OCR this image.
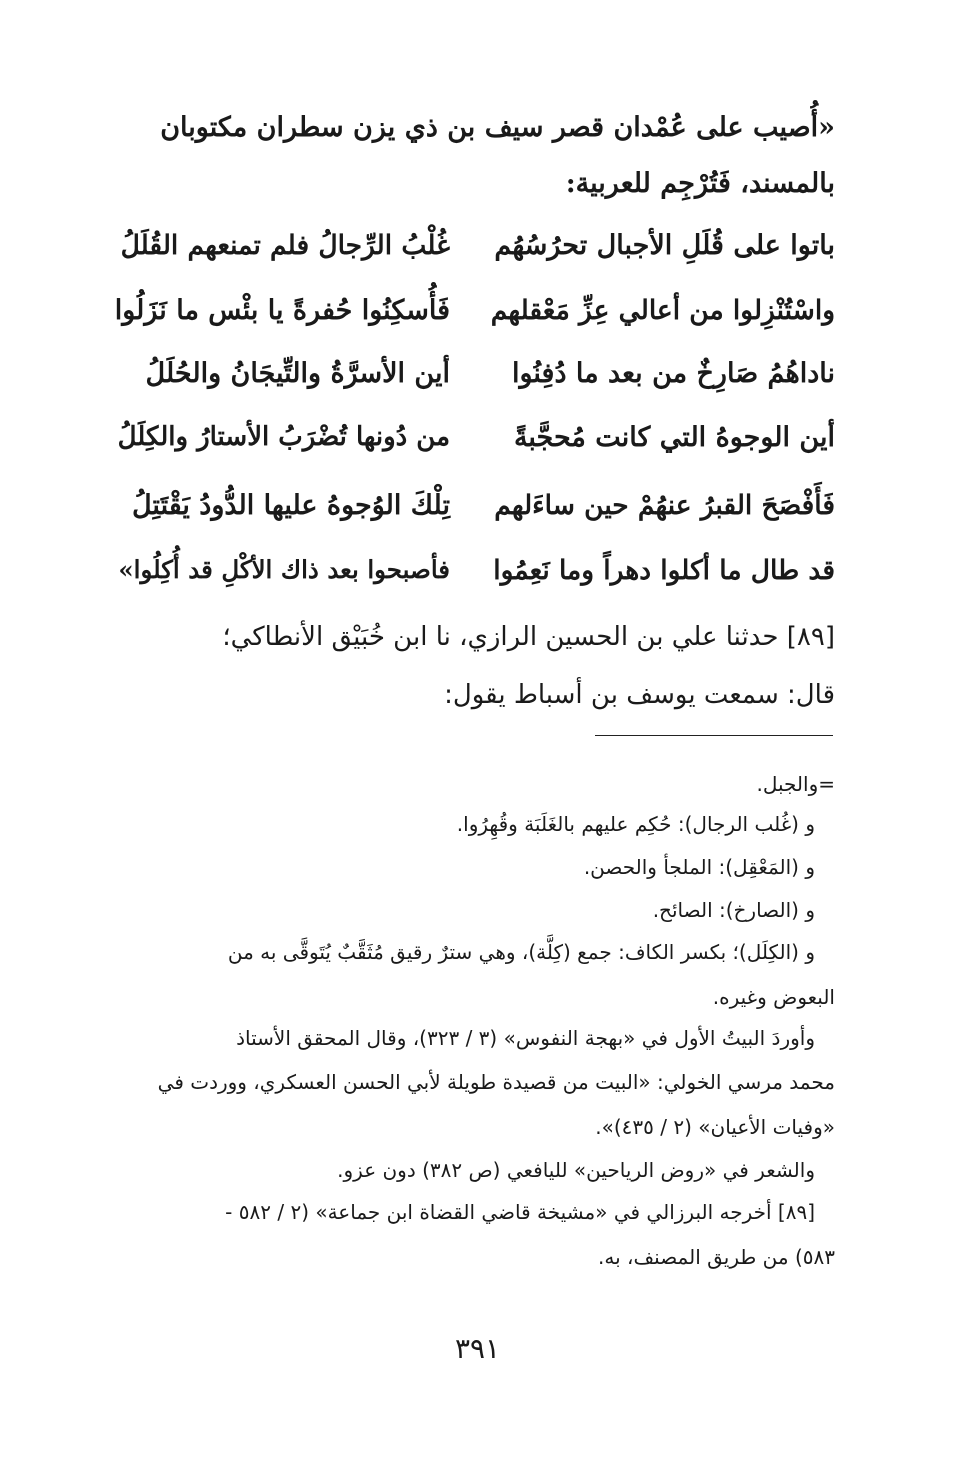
«أُصيب على عُمْدان قصر سيف بن ذي يزن سطران مكتوبان
بالمسند، فَتُرْجِم للعربية:
باتوا على قُلَلِ الأجبال تحرُسُهُم
غُلْبُ الرِّجالُ فلم تمنعهم القُلَلُ
واسْتُنْزِلوا من أعالي عِزِّ مَعْقلهم
فَأُسكِنُوا حُفرةً يا بئْس ما نَزَلُوا
ناداهُمُ صَارِخٌ من بعد ما دُفِنُوا
أين الأسرَّةُ والتِّيجَانُ والحُلَلُ
أين الوجوهُ التي كانت مُحجَّبةً
من دُونها تُضْرَبُ الأستارُ والكِلَلُ
فَأَفْصَحَ القبرُ عنهُمْ حين ساءَلهم
تِلْكَ الوُجوهُ عليها الدُّودُ يَقْتَتِلُ
قد طال ما أكلوا دهراً وما نَعِمُوا
فأصبحوا بعد ذاك الأكْلِ قد أُكِلُوا»
[٨٩] حدثنا علي بن الحسين الرازي، نا ابن خُبَيْق الأنطاكي؛
قال: سمعت يوسف بن أسباط يقول:
=والجبل.
و (غُلب الرجال): حُكِم عليهم بالغَلَبَة وقُهِرُوا.
و (المَعْقِل): الملجأ والحصن.
و (الصارخ): الصائح.
و (الكِلَل)؛ بكسر الكاف: جمع (كِلَّة)، وهي سترٌ رقيق مُثَقَّبٌ يُتَوقَّى به من
البعوض وغيره.
وأوردَ البيتُ الأول في «بهجة النفوس» (٣ / ٣٢٣)، وقال المحقق الأستاذ
محمد مرسي الخولي: «البيت من قصيدة طويلة لأبي الحسن العسكري، ووردت في
«وفيات الأعيان» (٢ / ٤٣٥)».
والشعر في «روض الرياحين» لليافعي (ص ٣٨٢) دون عزو.
[٨٩] أخرجه البرزالي في «مشيخة قاضي القضاة ابن جماعة» (٢ / ٥٨٢ -
٥٨٣) من طريق المصنف، به.
٣٩١
